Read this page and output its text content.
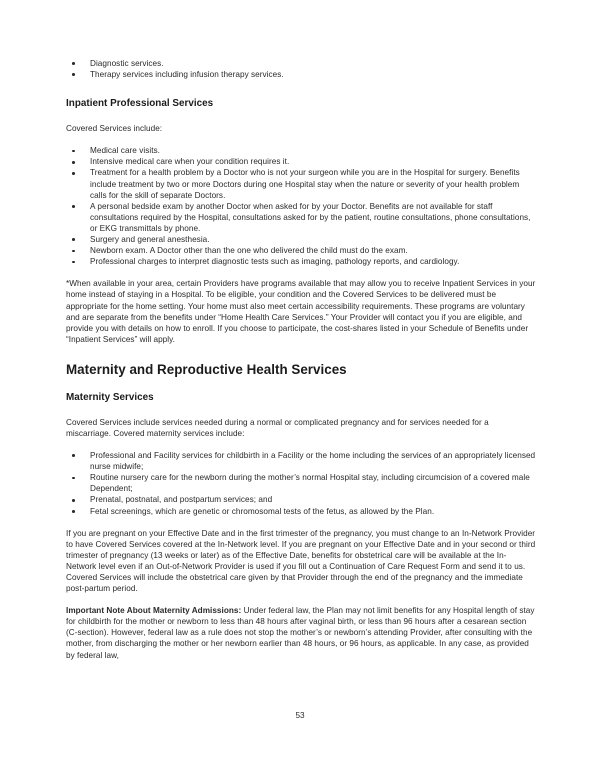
Diagnostic services.
Therapy services including infusion therapy services.
Inpatient Professional Services

Covered Services include:

Medical care visits.
Intensive medical care when your condition requires it.
Treatment for a health problem by a Doctor who is not your surgeon while you are in the Hospital for surgery. Benefits include treatment by two or more Doctors during one Hospital stay when the nature or severity of your health problem calls for the skill of separate Doctors.
A personal bedside exam by another Doctor when asked for by your Doctor. Benefits are not available for staff consultations required by the Hospital, consultations asked for by the patient, routine consultations, phone consultations, or EKG transmittals by phone.
Surgery and general anesthesia.
Newborn exam. A Doctor other than the one who delivered the child must do the exam.
Professional charges to interpret diagnostic tests such as imaging, pathology reports, and cardiology.

*When available in your area, certain Providers have programs available that may allow you to receive Inpatient Services in your home instead of staying in a Hospital. To be eligible, your condition and the Covered Services to be delivered must be appropriate for the home setting. Your home must also meet certain accessibility requirements. These programs are voluntary and are separate from the benefits under “Home Health Care Services.” Your Provider will contact you if you are eligible, and provide you with details on how to enroll. If you choose to participate, the cost-shares listed in your Schedule of Benefits under “Inpatient Services” will apply.

Maternity and Reproductive Health Services
Maternity Services

Covered Services include services needed during a normal or complicated pregnancy and for services needed for a miscarriage. Covered maternity services include:

Professional and Facility services for childbirth in a Facility or the home including the services of an appropriately licensed nurse midwife;
Routine nursery care for the newborn during the mother’s normal Hospital stay, including circumcision of a covered male Dependent;
Prenatal, postnatal, and postpartum services; and
Fetal screenings, which are genetic or chromosomal tests of the fetus, as allowed by the Plan.

If you are pregnant on your Effective Date and in the first trimester of the pregnancy, you must change to an In-Network Provider to have Covered Services covered at the In-Network level. If you are pregnant on your Effective Date and in your second or third trimester of pregnancy (13 weeks or later) as of the Effective Date, benefits for obstetrical care will be available at the In-Network level even if an Out-of-Network Provider is used if you fill out a Continuation of Care Request Form and send it to us. Covered Services will include the obstetrical care given by that Provider through the end of the pregnancy and the immediate post-partum period.

Important Note About Maternity Admissions: Under federal law, the Plan may not limit benefits for any Hospital length of stay for childbirth for the mother or newborn to less than 48 hours after vaginal birth, or less than 96 hours after a cesarean section (C-section). However, federal law as a rule does not stop the mother’s or newborn’s attending Provider, after consulting with the mother, from discharging the mother or her newborn earlier than 48 hours, or 96 hours, as applicable. In any case, as provided by federal law,

53
